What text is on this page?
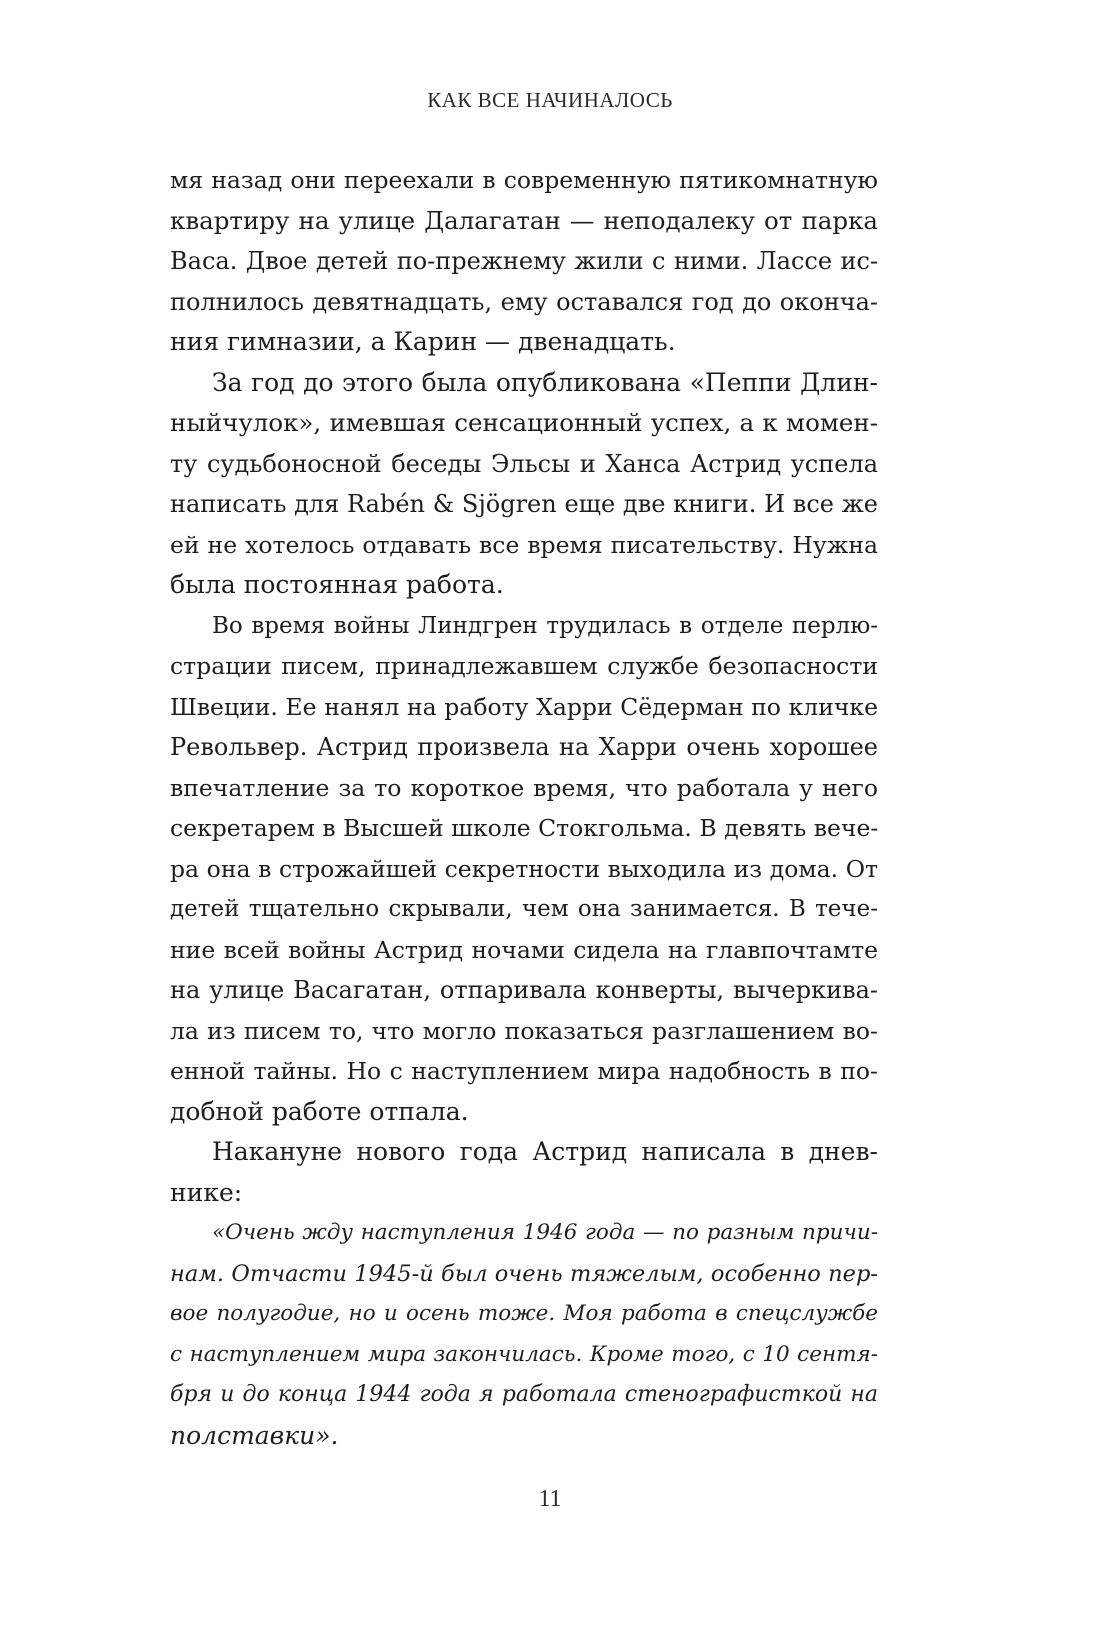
КАК ВСЕ НАЧИНАЛОСЬ
мя назад они переехали в современную пятикомнатную
квартиру на улице Далагатан — неподалеку от парка
Васа. Двое детей по-прежнему жили с ними. Лассе ис-
полнилось девятнадцать, ему оставался год до оконча-
ния гимназии, а Карин — двенадцать.
За год до этого была опубликована «Пеппи Длин-
ныйчулок», имевшая сенсационный успех, а к момен-
ту судьбоносной беседы Эльсы и Ханса Астрид успела
написать для Rabén & Sjögren еще две книги. И все же
ей не хотелось отдавать все время писательству. Нужна
была постоянная работа.
Во время войны Линдгрен трудилась в отделе перлю-
страции писем, принадлежавшем службе безопасности
Швеции. Ее нанял на работу Харри Сёдерман по кличке
Револьвер. Астрид произвела на Харри очень хорошее
впечатление за то короткое время, что работала у него
секретарем в Высшей школе Стокгольма. В девять вече-
ра она в строжайшей секретности выходила из дома. От
детей тщательно скрывали, чем она занимается. В тече-
ние всей войны Астрид ночами сидела на главпочтамте
на улице Васагатан, отпаривала конверты, вычеркива-
ла из писем то, что могло показаться разглашением во-
енной тайны. Но с наступлением мира надобность в по-
добной работе отпала.
Накануне нового года Астрид написала в днев-
нике:
«Очень жду наступления 1946 года — по разным причи-
нам. Отчасти 1945-й был очень тяжелым, особенно пер-
вое полугодие, но и осень тоже. Моя работа в спецслужбе
с наступлением мира закончилась. Кроме того, с 10 сентя-
бря и до конца 1944 года я работала стенографисткой на
полставки».
11
